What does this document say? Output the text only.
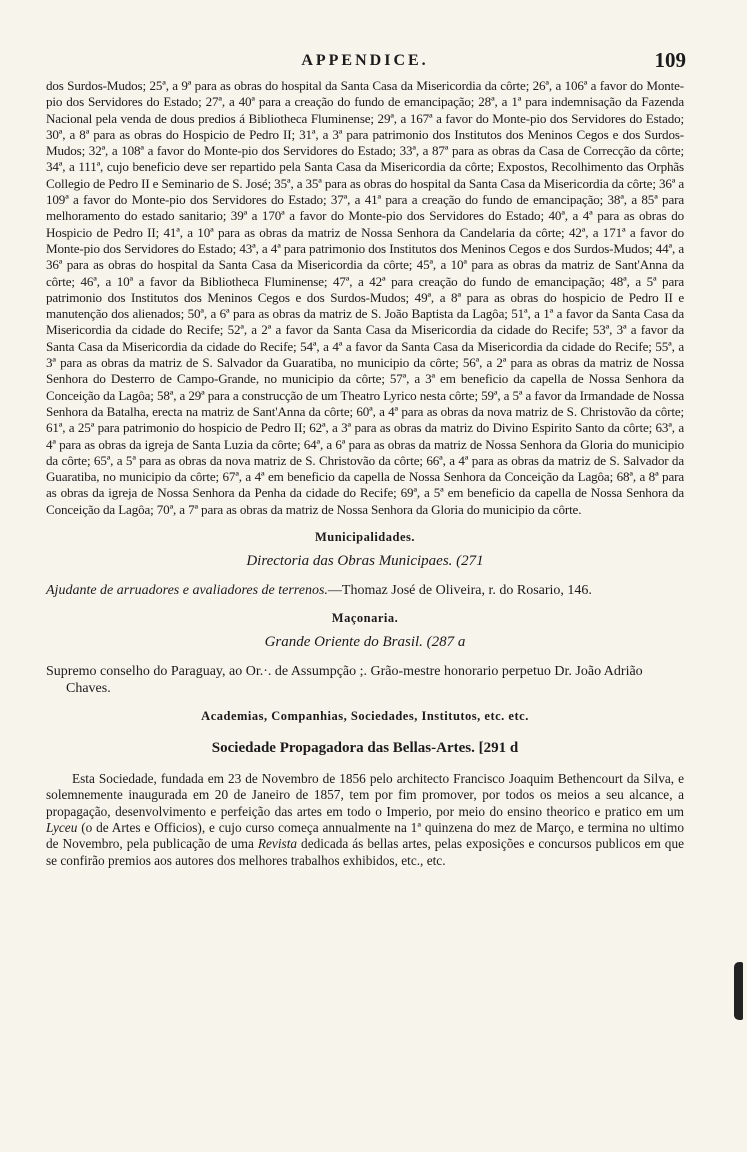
APPENDICE.	109

dos Surdos-Mudos; 25ª, a 9ª para as obras do hospital da Santa Casa da Misericordia da côrte; 26ª, a 106ª a favor do Monte-pio dos Servidores do Estado; 27ª, a 40ª para a creação do fundo de emancipação; 28ª, a 1ª para indemnisação da Fazenda Nacional pela venda de dous predios á Bibliotheca Fluminense; 29ª, a 167ª a favor do Monte-pio dos Servidores do Estado; 30ª, a 8ª para as obras do Hospicio de Pedro II; 31ª, a 3ª para patrimonio dos Institutos dos Meninos Cegos e dos Surdos-Mudos; 32ª, a 108ª a favor do Monte-pio dos Servidores do Estado; 33ª, a 87ª para as obras da Casa de Correcção da côrte; 34ª, a 111ª, cujo beneficio deve ser repartido pela Santa Casa da Misericordia da côrte; Expostos, Recolhimento das Orphãs Collegio de Pedro II e Seminario de S. José; 35ª, a 35ª para as obras do hospital da Santa Casa da Misericordia da côrte; 36ª a 109ª a favor do Monte-pio dos Servidores do Estado; 37ª, a 41ª para a creação do fundo de emancipação; 38ª, a 85ª para melhoramento do estado sanitario; 39ª a 170ª a favor do Monte-pio dos Servidores do Estado; 40ª, a 4ª para as obras do Hospicio de Pedro II; 41ª, a 10ª para as obras da matriz de Nossa Senhora da Candelaria da côrte; 42ª, a 171ª a favor do Monte-pio dos Servidores do Estado; 43ª, a 4ª para patrimonio dos Institutos dos Meninos Cegos e dos Surdos-Mudos; 44ª, a 36ª para as obras do hospital da Santa Casa da Misericordia da côrte; 45ª, a 10ª para as obras da matriz de Sant'Anna da côrte; 46ª, a 10ª a favor da Bibliotheca Fluminense; 47ª, a 42ª para creação do fundo de emancipação; 48ª, a 5ª para patrimonio dos Institutos dos Meninos Cegos e dos Surdos-Mudos; 49ª, a 8ª para as obras do hospicio de Pedro II e manutenção dos alienados; 50ª, a 6ª para as obras da matriz de S. João Baptista da Lagôa; 51ª, a 1ª a favor da Santa Casa da Misericordia da cidade do Recife; 52ª, a 2ª a favor da Santa Casa da Misericordia da cidade do Recife; 53ª, 3ª a favor da Santa Casa da Misericordia da cidade do Recife; 54ª, a 4ª a favor da Santa Casa da Misericordia da cidade do Recife; 55ª, a 3ª para as obras da matriz de S. Salvador da Guaratiba, no municipio da côrte; 56ª, a 2ª para as obras da matriz de Nossa Senhora do Desterro de Campo-Grande, no municipio da côrte; 57ª, a 3ª em beneficio da capella de Nossa Senhora da Conceição da Lagôa; 58ª, a 29ª para a construcção de um Theatro Lyrico nesta côrte; 59ª, a 5ª a favor da Irmandade de Nossa Senhora da Batalha, erecta na matriz de Sant'Anna da côrte; 60ª, a 4ª para as obras da nova matriz de S. Christovão da côrte; 61ª, a 25ª para patrimonio do hospicio de Pedro II; 62ª, a 3ª para as obras da matriz do Divino Espirito Santo da côrte; 63ª, a 4ª para as obras da igreja de Santa Luzia da côrte; 64ª, a 6ª para as obras da matriz de Nossa Senhora da Gloria do municipio da côrte; 65ª, a 5ª para as obras da nova matriz de S. Christovão da côrte; 66ª, a 4ª para as obras da matriz de S. Salvador da Guaratiba, no municipio da côrte; 67ª, a 4ª em beneficio da capella de Nossa Senhora da Conceição da Lagôa; 68ª, a 8ª para as obras da igreja de Nossa Senhora da Penha da cidade do Recife; 69ª, a 5ª em beneficio da capella de Nossa Senhora da Conceição da Lagôa; 70ª, a 7ª para as obras da matriz de Nossa Senhora da Gloria do municipio da côrte.

Municipalidades.
Directoria das Obras Municipaes. (271

Ajudante de arruadores e avaliadores de terrenos.—Thomaz José de Oliveira, r. do Rosario, 146.

Maçonaria.
Grande Oriente do Brasil. (287 a

Supremo conselho do Paraguay, ao Or.·. de Assumpção ;. Grão-mestre honorario perpetuo Dr. João Adrião Chaves.

Academias, Companhias, Sociedades, Institutos, etc. etc.
Sociedade Propagadora das Bellas-Artes. [291 d

Esta Sociedade, fundada em 23 de Novembro de 1856 pelo architecto Francisco Joaquim Bethencourt da Silva, e solemnemente inaugurada em 20 de Janeiro de 1857, tem por fim promover, por todos os meios a seu alcance, a propagação, desenvolvimento e perfeição das artes em todo o Imperio, por meio do ensino theorico e pratico em um Lyceu (o de Artes e Officios), e cujo curso começa annualmente na 1ª quinzena do mez de Março, e termina no ultimo de Novembro, pela publicação de uma Revista dedicada ás bellas artes, pelas exposições e concursos publicos em que se confirão premios aos autores dos melhores trabalhos exhibidos, etc., etc.
